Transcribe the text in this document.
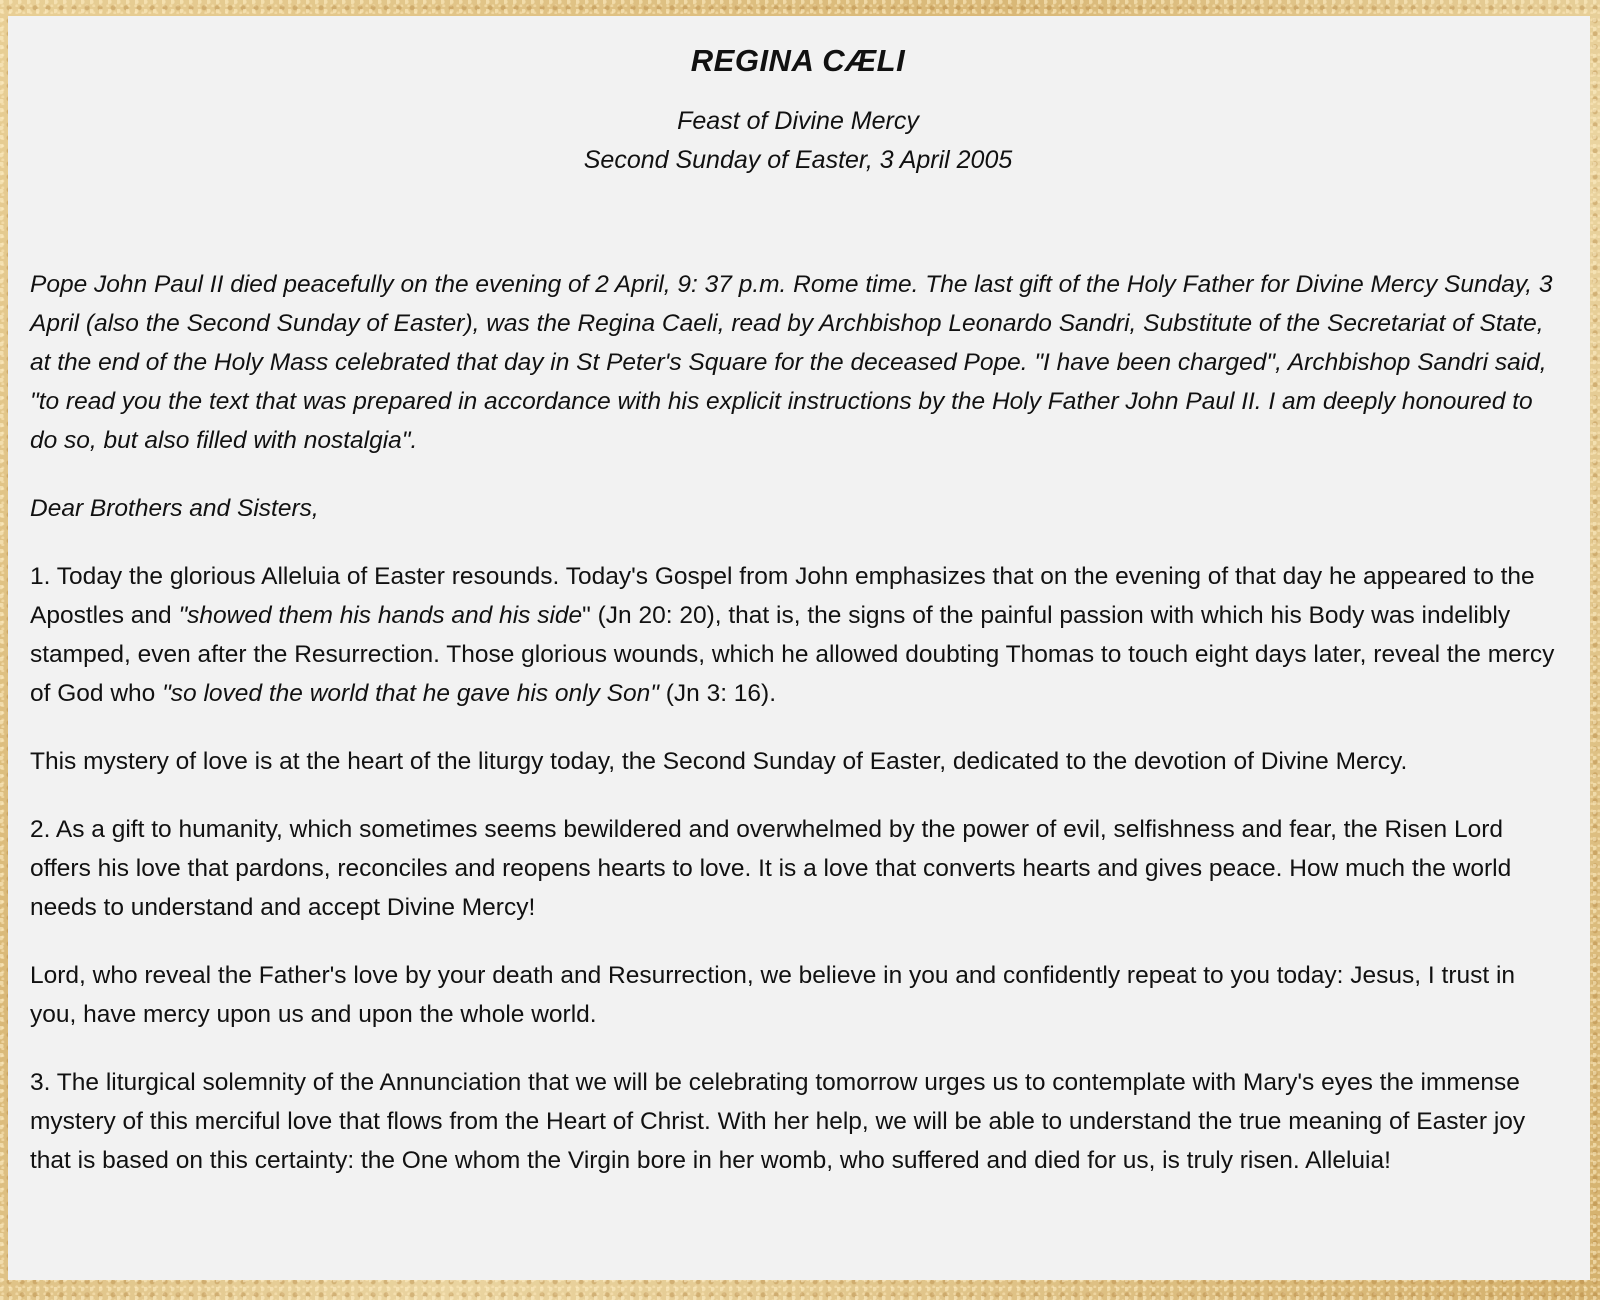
REGINA CÆLI
Feast of Divine Mercy
Second Sunday of Easter, 3 April 2005

Pope John Paul II died peacefully on the evening of 2 April, 9: 37 p.m. Rome time. The last gift of the Holy Father for Divine Mercy Sunday, 3 April (also the Second Sunday of Easter), was the Regina Caeli, read by Archbishop Leonardo Sandri, Substitute of the Secretariat of State, at the end of the Holy Mass celebrated that day in St Peter's Square for the deceased Pope. "I have been charged", Archbishop Sandri said, "to read you the text that was prepared in accordance with his explicit instructions by the Holy Father John Paul II. I am deeply honoured to do so, but also filled with nostalgia".

Dear Brothers and Sisters,

1. Today the glorious Alleluia of Easter resounds. Today's Gospel from John emphasizes that on the evening of that day he appeared to the Apostles and "showed them his hands and his side" (Jn 20: 20), that is, the signs of the painful passion with which his Body was indelibly stamped, even after the Resurrection. Those glorious wounds, which he allowed doubting Thomas to touch eight days later, reveal the mercy of God who "so loved the world that he gave his only Son" (Jn 3: 16).

This mystery of love is at the heart of the liturgy today, the Second Sunday of Easter, dedicated to the devotion of Divine Mercy.

2. As a gift to humanity, which sometimes seems bewildered and overwhelmed by the power of evil, selfishness and fear, the Risen Lord offers his love that pardons, reconciles and reopens hearts to love. It is a love that converts hearts and gives peace. How much the world needs to understand and accept Divine Mercy!

Lord, who reveal the Father's love by your death and Resurrection, we believe in you and confidently repeat to you today: Jesus, I trust in you, have mercy upon us and upon the whole world.

3. The liturgical solemnity of the Annunciation that we will be celebrating tomorrow urges us to contemplate with Mary's eyes the immense mystery of this merciful love that flows from the Heart of Christ. With her help, we will be able to understand the true meaning of Easter joy that is based on this certainty: the One whom the Virgin bore in her womb, who suffered and died for us, is truly risen. Alleluia!
